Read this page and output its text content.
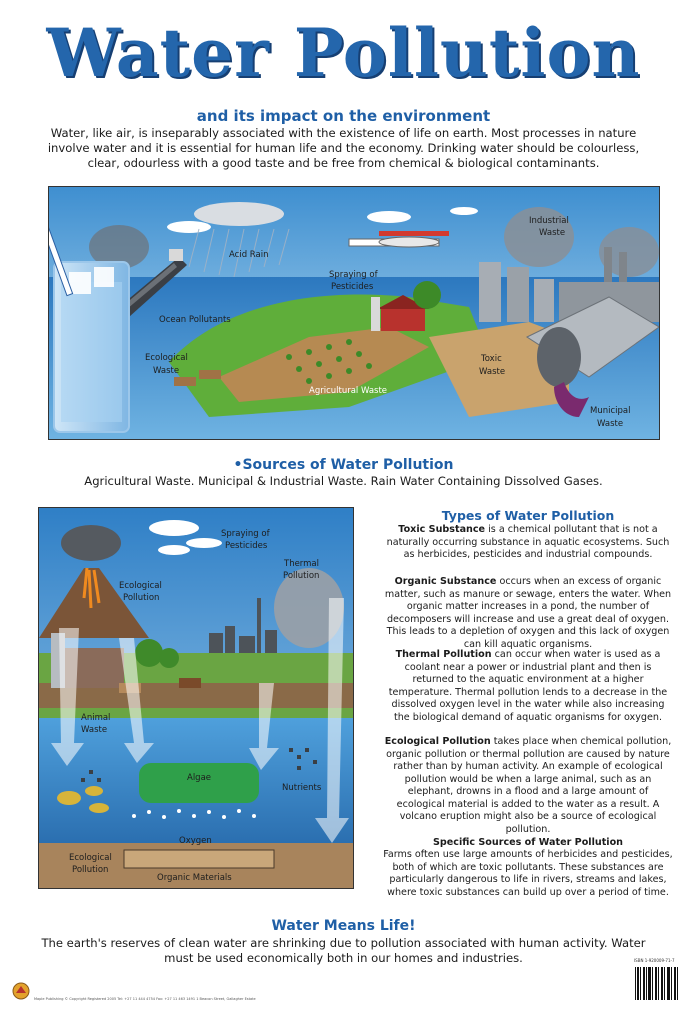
Water Pollution
and its impact on the environment
Water, like air, is inseparably associated with the existence of life on earth. Most processes in nature involve water and it is essential for human life and the economy. Drinking water should be colourless, clear, odourless with a good taste and be free from chemical & biological contaminants.
Acid Rain
Spraying of
Pesticides
Industrial
Waste
Ocean Pollutants
Ecological
Waste
Agricultural Waste
Toxic
Waste
Municipal
Waste
•Sources of Water Pollution
Agricultural Waste. Municipal & Industrial Waste. Rain Water Containing Dissolved Gases.
Spraying of
Pesticides
Thermal
Pollution
Ecological
Pollution
Animal
Waste
Algae
Nutrients
Oxygen
Ecological
Pollution
Organic Materials
Types of Water Pollution
Toxic Substance is a chemical pollutant that is not a naturally occurring substance in aquatic ecosystems. Such as herbicides, pesticides and industrial compounds.
Organic Substance occurs when an excess of organic matter, such as manure or sewage, enters the water. When organic matter increases in a pond, the number of decomposers will increase and use a great deal of oxygen. This leads to a depletion of oxygen and this lack of oxygen can kill aquatic organisms.
Thermal Pollution can occur when water is used as a coolant near a power or industrial plant and then is returned to the aquatic environment at a higher temperature. Thermal pollution lends to a decrease in the dissolved oxygen level in the water while also increasing the biological demand of aquatic organisms for oxygen.
Ecological Pollution takes place when chemical pollution, organic pollution or thermal pollution are caused by nature rather than by human activity. An example of ecological pollution would be when a large animal, such as an elephant, drowns in a flood and a large amount of ecological material is added to the water as a result. A volcano eruption might also be a source of ecological pollution.
Specific Sources of Water Pollution
Farms often use large amounts of herbicides and pesticides, both of which are toxic pollutants. These substances are particularly dangerous to life in rivers, streams and lakes, where toxic substances can build up over a period of time.
Water Means Life!
The earth's reserves of clean water are shrinking due to pollution associated with human activity. Water must be used economically both in our homes and industries.
Maple Publishing © Copyright Registered 2005 Tel: +27 11 444 4754 Fax: +27 11 463 1491 1 Beacon Street, Gallagher Estate
ISBN 1-920009-71-7
